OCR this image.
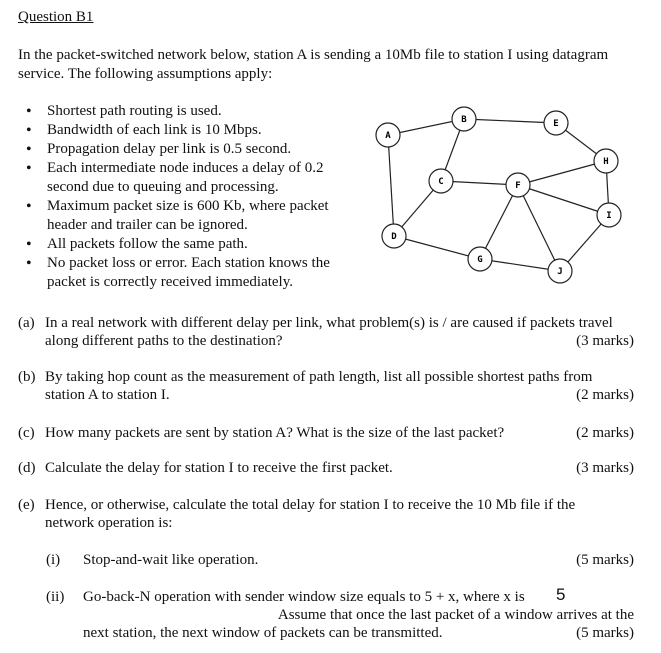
Question B1
In the packet-switched network below, station A is sending a 10Mb file to station I using datagram service. The following assumptions apply:
• Shortest path routing is used.
• Bandwidth of each link is 10 Mbps.
• Propagation delay per link is 0.5 second.
• Each intermediate node induces a delay of 0.2 second due to queuing and processing.
• Maximum packet size is 600 Kb, where packet header and trailer can be ignored.
• All packets follow the same path.
• No packet loss or error. Each station knows the packet is correctly received immediately.
A
B
C
D
E
F
G
H
I
J
(a) In a real network with different delay per link, what problem(s) is / are caused if packets travel
along different paths to the destination?	(3 marks)
(b) By taking hop count as the measurement of path length, list all possible shortest paths from
station A to station I.	(2 marks)
(c) How many packets are sent by station A? What is the size of the last packet?	(2 marks)
(d) Calculate the delay for station I to receive the first packet.	(3 marks)
(e) Hence, or otherwise, calculate the total delay for station I to receive the 10 Mb file if the
network operation is:
(i) Stop-and-wait like operation.	(5 marks)
(ii) Go-back-N operation with sender window size equals to 5 + x, where x is 5
Assume that once the last packet of a window arrives at the
next station, the next window of packets can be transmitted.	(5 marks)
